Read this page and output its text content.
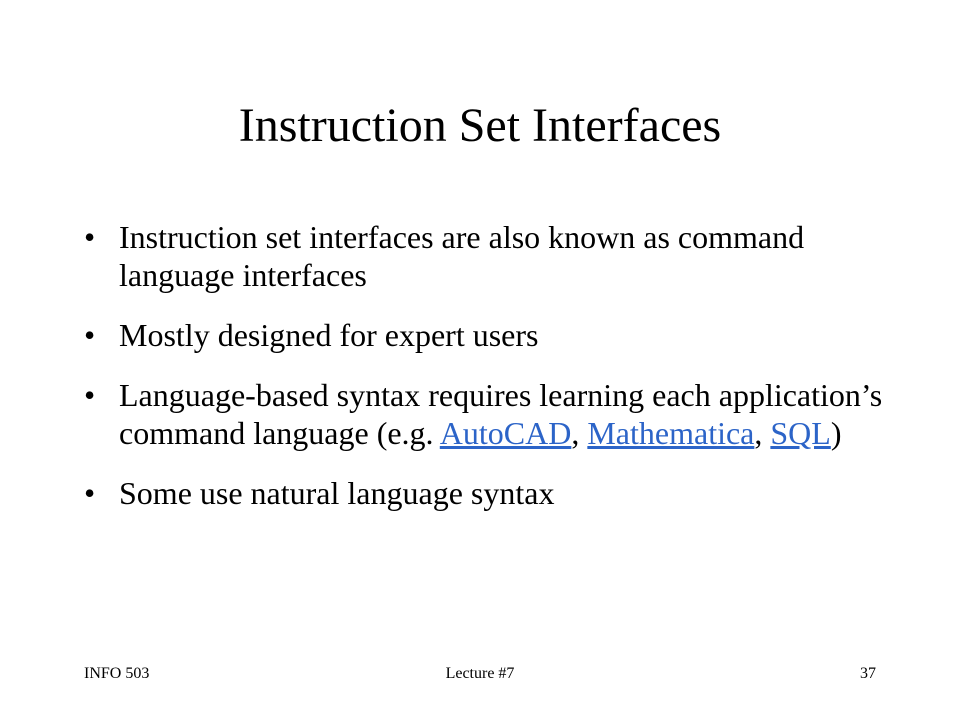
Instruction Set Interfaces
• Instruction set interfaces are also known as command language interfaces
• Mostly designed for expert users
• Language-based syntax requires learning each application’s command language (e.g. AutoCAD, Mathematica, SQL)
• Some use natural language syntax
INFO 503	Lecture #7	37
